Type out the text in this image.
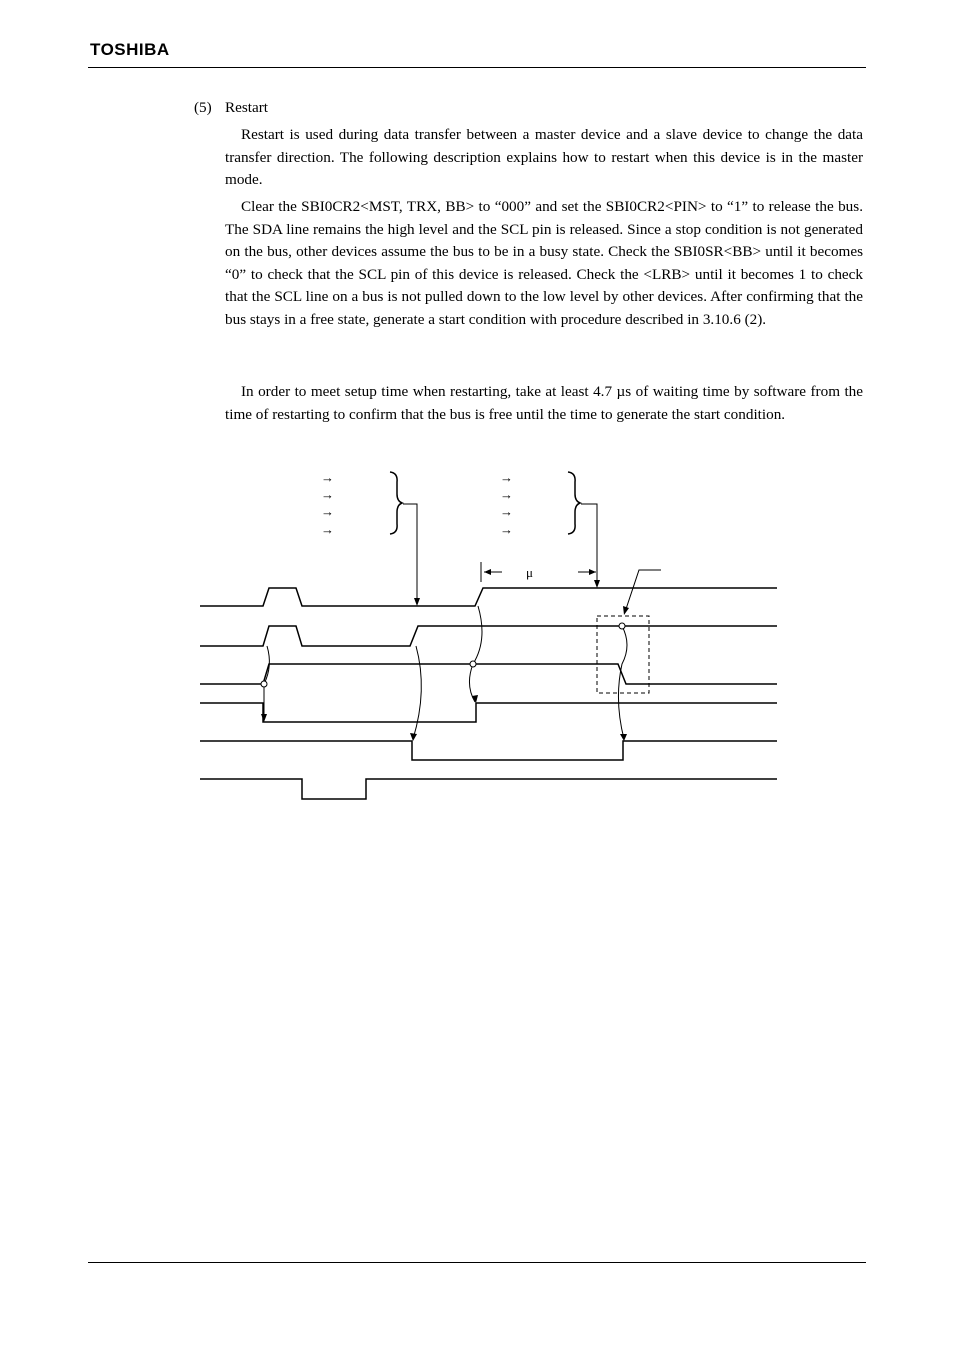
TOSHIBA
(5) Restart

Restart is used during data transfer between a master device and a slave device to change the data transfer direction. The following description explains how to restart when this device is in the master mode.

Clear the SBI0CR2<MST, TRX, BB> to “000” and set the SBI0CR2<PIN> to “1” to release the bus. The SDA line remains the high level and the SCL pin is released. Since a stop condition is not generated on the bus, other devices assume the bus to be in a busy state. Check the SBI0SR<BB> until it becomes “0” to check that the SCL pin of this device is released. Check the <LRB> until it becomes 1 to check that the SCL line on a bus is not pulled down to the low level by other devices. After confirming that the bus stays in a free state, generate a start condition with procedure described in 3.10.6 (2).

In order to meet setup time when restarting, take at least 4.7 µs of waiting time by software from the time of restarting to confirm that the bus is free until the time to generate the start condition.

μ
→
→
→
→
→
→
→
→
